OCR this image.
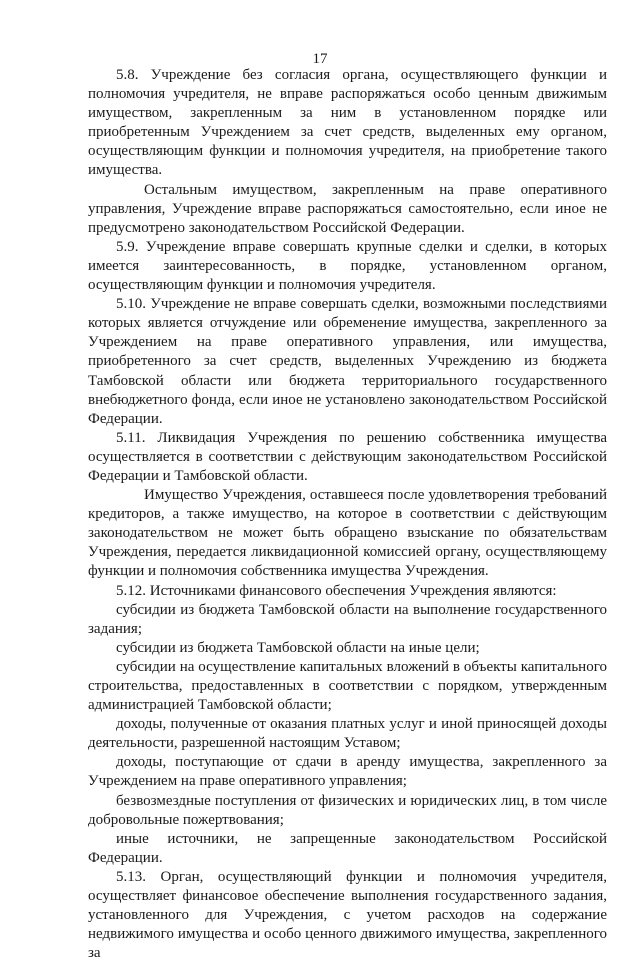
17

5.8. Учреждение без согласия органа, осуществляющего функции и полномочия учредителя, не вправе распоряжаться особо ценным движимым имуществом, закрепленным за ним в установленном порядке или приобретенным Учреждением за счет средств, выделенных ему органом, осуществляющим функции и полномочия учредителя, на приобретение такого имущества.

Остальным имуществом, закрепленным на праве оперативного управления, Учреждение вправе распоряжаться самостоятельно, если иное не предусмотрено законодательством Российской Федерации.

5.9. Учреждение вправе совершать крупные сделки и сделки, в которых имеется заинтересованность, в порядке, установленном органом, осуществляющим функции и полномочия учредителя.

5.10. Учреждение не вправе совершать сделки, возможными последствиями которых является отчуждение или обременение имущества, закрепленного за Учреждением на праве оперативного управления, или имущества, приобретенного за счет средств, выделенных Учреждению из бюджета Тамбовской области или бюджета территориального государственного внебюджетного фонда, если иное не установлено законодательством Российской Федерации.

5.11. Ликвидация Учреждения по решению собственника имущества осуществляется в соответствии с действующим законодательством Российской Федерации и Тамбовской области.

Имущество Учреждения, оставшееся после удовлетворения требований кредиторов, а также имущество, на которое в соответствии с действующим законодательством не может быть обращено взыскание по обязательствам Учреждения, передается ликвидационной комиссией органу, осуществляющему функции и полномочия собственника имущества Учреждения.

5.12. Источниками финансового обеспечения Учреждения являются:

субсидии из бюджета Тамбовской области на выполнение государственного задания;

субсидии из бюджета Тамбовской области на иные цели;

субсидии на осуществление капитальных вложений в объекты капитального строительства, предоставленных в соответствии с порядком, утвержденным администрацией Тамбовской области;

доходы, полученные от оказания платных услуг и иной приносящей доходы деятельности, разрешенной настоящим Уставом;

доходы, поступающие от сдачи в аренду имущества, закрепленного за Учреждением на праве оперативного управления;

безвозмездные поступления от физических и юридических лиц, в том числе добровольные пожертвования;

иные источники, не запрещенные законодательством Российской Федерации.

5.13. Орган, осуществляющий функции и полномочия учредителя, осуществляет финансовое обеспечение выполнения государственного задания, установленного для Учреждения, с учетом расходов на содержание недвижимого имущества и особо ценного движимого имущества, закрепленного за
